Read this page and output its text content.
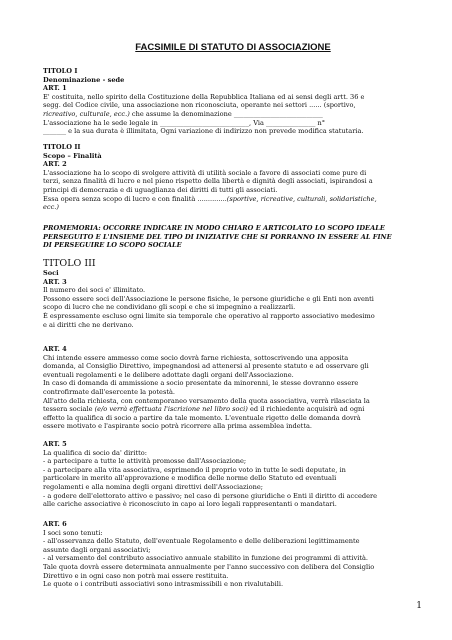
FACSIMILE DI STATUTO DI ASSOCIAZIONE
TITOLO I
Denominazione - sede
ART. 1
E' costituita, nello spirito della Costituzione della Repubblica Italiana ed ai sensi degli artt. 36 e
segg. del Codice civile, una associazione non riconosciuta, operante nei settori ...... (sportivo,
ricreativo, culturale, ecc.) che assume la denominazione ___________________________
L'associazione ha le sede legale in ___________________________, Via _______________ n°
_______ e la sua durata è illimitata, Ogni variazione di indirizzo non prevede modifica statutaria.
TITOLO II
Scopo – Finalità
ART. 2
L'associazione ha lo scopo di svolgere attività di utilità sociale a favore di associati come pure di
terzi, senza finalità di lucro e nel pieno rispetto della libertà e dignità degli associati, ispirandosi a
principi di democrazia e di uguaglianza dei diritti di tutti gli associati.
Essa opera senza scopo di lucro e con finalità ..............(sportive, ricreative, culturali, solidaristiche,
ecc.)
PROMEMORIA: OCCORRE INDICARE IN MODO CHIARO E ARTICOLATO LO SCOPO IDEALE
PERSEGUITO E L'INSIEME DEL TIPO DI INIZIATIVE CHE SI PORRANNO IN ESSERE AL FINE
DI PERSEGUIRE LO SCOPO SOCIALE
TITOLO III
Soci
ART. 3
Il numero dei soci e' illimitato.
Possono essere soci dell'Associazione le persone fisiche, le persone giuridiche e gli Enti non aventi
scopo di lucro che ne condividano gli scopi e che si impegnino a realizzarli.
È espressamente escluso ogni limite sia temporale che operativo al rapporto associativo medesimo
e ai diritti che ne derivano.
ART. 4
Chi intende essere ammesso come socio dovrà farne richiesta, sottoscrivendo una apposita
domanda, al Consiglio Direttivo, impegnandosi ad attenersi al presente statuto e ad osservare gli
eventuali regolamenti e le delibere adottate dagli organi dell'Associazione.
In caso di domanda di ammissione a socio presentate da minorenni, le stesse dovranno essere
controfirmate dall'esercente la potestà.
All'atto della richiesta, con contemporaneo versamento della quota associativa, verrà rilasciata la
tessera sociale (e/o verrà effettuata l'iscrizione nel libro soci) ed il richiedente acquisirà ad ogni
effetto la qualifica di socio a partire da tale momento. L'eventuale rigetto delle domanda dovrà
essere motivato e l'aspirante socio potrà ricorrere alla prima assemblea indetta.
ART. 5
La qualifica di socio da' diritto:
- a partecipare a tutte le attività promosse dall'Associazione;
- a partecipare alla vita associativa, esprimendo il proprio voto in tutte le sedi deputate, in
particolare in merito all'approvazione e modifica delle norme dello Statuto ed eventuali
regolamenti e alla nomina degli organi direttivi dell'Associazione;
- a godere dell'elettorato attivo e passivo; nel caso di persone giuridiche o Enti il diritto di accedere
alle cariche associative è riconosciuto in capo ai loro legali rappresentanti o mandatari.
ART. 6
I soci sono tenuti:
- all'osservanza dello Statuto, dell'eventuale Regolamento e delle deliberazioni legittimamente
assunte dagli organi associativi;
- al versamento del contributo associativo annuale stabilito in funzione dei programmi di attività.
Tale quota dovrà essere determinata annualmente per l'anno successivo con delibera del Consiglio
Direttivo e in ogni caso non potrà mai essere restituita.
Le quote o i contributi associativi sono intrasmissibili e non rivalutabili.
1
